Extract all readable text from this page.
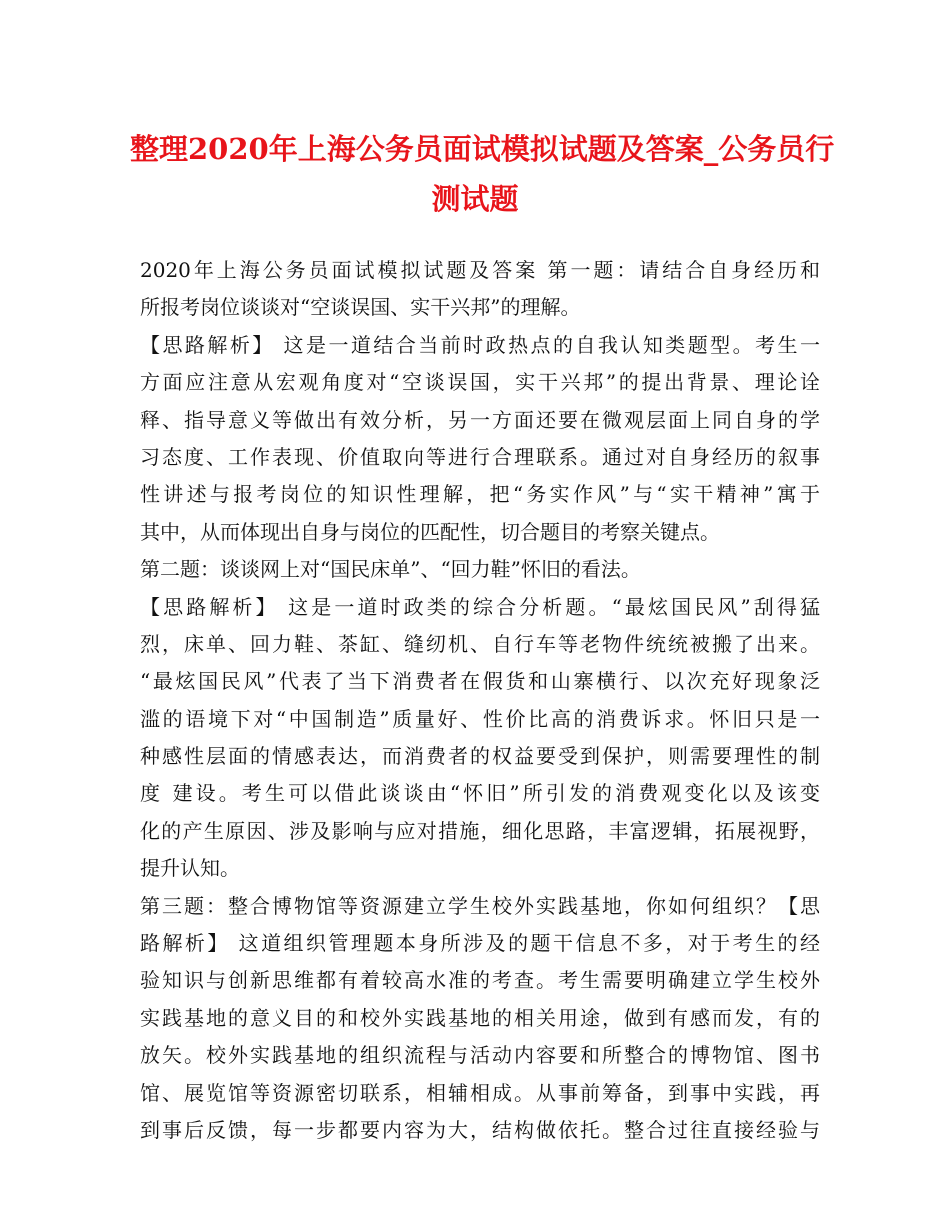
整理2020年上海公务员面试模拟试题及答案_公务员行
测试题
2020年上海公务员面试模拟试题及答案 第一题：请结合自身经历和
所报考岗位谈谈对“空谈误国、实干兴邦”的理解。
【思路解析】 这是一道结合当前时政热点的自我认知类题型。考生一
方面应注意从宏观角度对“空谈误国，实干兴邦”的提出背景、理论诠
释、指导意义等做出有效分析，另一方面还要在微观层面上同自身的学
习态度、工作表现、价值取向等进行合理联系。通过对自身经历的叙事
性讲述与报考岗位的知识性理解，把“务实作风”与“实干精神”寓于
其中，从而体现出自身与岗位的匹配性，切合题目的考察关键点。
第二题：谈谈网上对“国民床单”、“回力鞋”怀旧的看法。
【思路解析】 这是一道时政类的综合分析题。“最炫国民风”刮得猛
烈，床单、回力鞋、茶缸、缝纫机、自行车等老物件统统被搬了出来。
“最炫国民风”代表了当下消费者在假货和山寨横行、以次充好现象泛
滥的语境下对“中国制造”质量好、性价比高的消费诉求。怀旧只是一
种感性层面的情感表达，而消费者的权益要受到保护，则需要理性的制
度 建设。考生可以借此谈谈由“怀旧”所引发的消费观变化以及该变
化的产生原因、涉及影响与应对措施，细化思路，丰富逻辑，拓展视野，
提升认知。
第三题：整合博物馆等资源建立学生校外实践基地，你如何组织？【思
路解析】 这道组织管理题本身所涉及的题干信息不多，对于考生的经
验知识与创新思维都有着较高水准的考查。考生需要明确建立学生校外
实践基地的意义目的和校外实践基地的相关用途，做到有感而发，有的
放矢。校外实践基地的组织流程与活动内容要和所整合的博物馆、图书
馆、展览馆等资源密切联系，相辅相成。从事前筹备，到事中实践，再
到事后反馈，每一步都要内容为大，结构做依托。整合过往直接经验与
